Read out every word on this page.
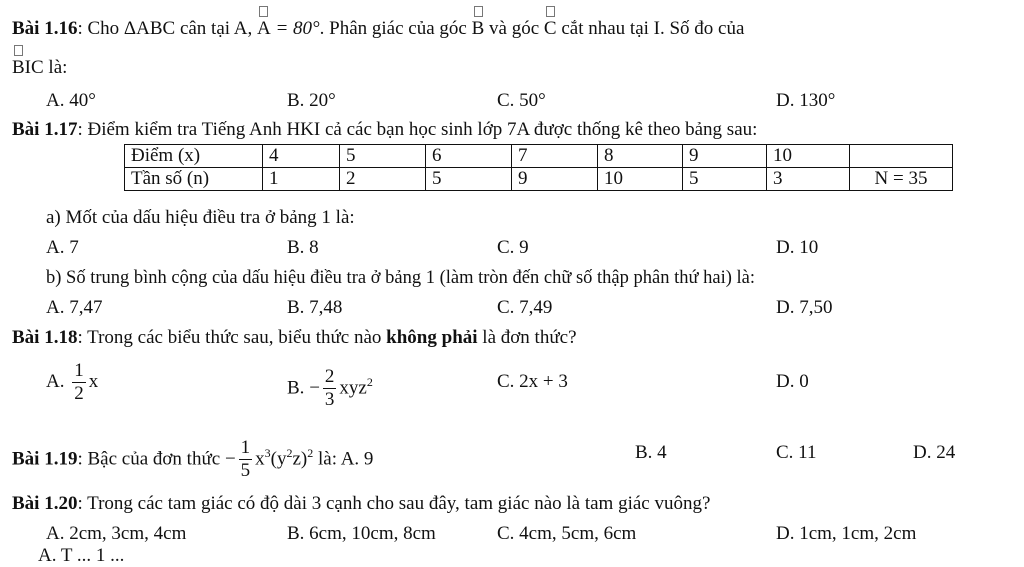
Bài 1.16: Cho ΔABC cân tại A,
A = 80°. Phân giác của góc
B và góc
C cắt nhau tại I. Số đo của
BIC là:
A. 40°	B. 20°	C. 50°	D. 130°
Bài 1.17: Điểm kiểm tra Tiếng Anh HKI cả các bạn học sinh lớp 7A được thống kê theo bảng sau:
Điểm (x)	4	5	6	7	8	9	10	
Tần số (n)	1	2	5	9	10	5	3	N = 35
a) Mốt của dấu hiệu điều tra ở bảng 1 là:
A. 7	B. 8	C. 9	D. 10
b) Số trung bình cộng của dấu hiệu điều tra ở bảng 1 (làm tròn đến chữ số thập phân thứ hai) là:
A. 7,47	B. 7,48	C. 7,49	D. 7,50
Bài 1.18: Trong các biểu thức sau, biểu thức nào không phải là đơn thức?
A. $\frac{1}{2}$ x	B. − $\frac{2}{3} xyz^2$	C. 2x + 3	D. 0
Bài 1.19: Bậc của đơn thức − $\frac{1}{5} x^3(y^2z)^2$ là: A. 9	B. 4	C. 11	D. 24
Bài 1.20: Trong các tam giác có độ dài 3 cạnh cho sau đây, tam giác nào là tam giác vuông?
A. 2cm, 3cm, 4cm	B. 6cm, 10cm, 8cm	C. 4cm, 5cm, 6cm	D. 1cm, 1cm, 2cm
A. T ... 1 ...
